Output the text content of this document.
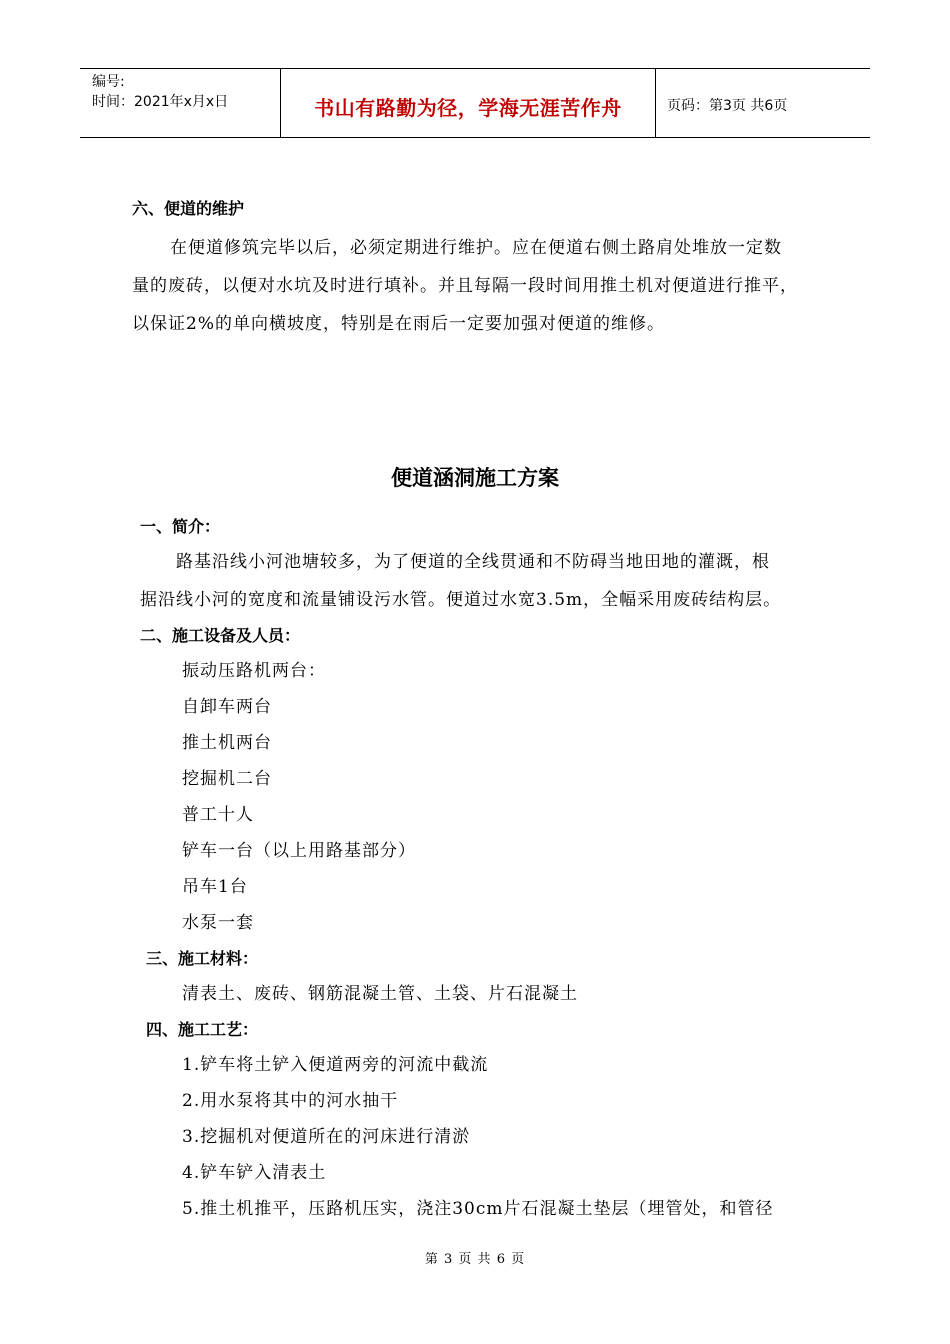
编号:
时间：2021年x月x日	书山有路勤为径，学海无涯苦作舟	页码：第3页 共6页
六、便道的维护
在便道修筑完毕以后，必须定期进行维护。应在便道右侧土路肩处堆放一定数
量的废砖，以便对水坑及时进行填补。并且每隔一段时间用推土机对便道进行推平，
以保证2%的单向横坡度，特别是在雨后一定要加强对便道的维修。
便道涵洞施工方案
一、简介：
路基沿线小河池塘较多，为了便道的全线贯通和不防碍当地田地的灌溉，根
据沿线小河的宽度和流量铺设污水管。便道过水宽3.5m，全幅采用废砖结构层。
二、施工设备及人员：
振动压路机两台：
自卸车两台
推土机两台
挖掘机二台
普工十人
铲车一台（以上用路基部分）
吊车1台
水泵一套
三、施工材料：
清表土、废砖、钢筋混凝土管、土袋、片石混凝土
四、施工工艺：
1.铲车将土铲入便道两旁的河流中截流
2.用水泵将其中的河水抽干
3.挖掘机对便道所在的河床进行清淤
4.铲车铲入清表土
5.推土机推平，压路机压实，浇注30cm片石混凝土垫层（埋管处，和管径
第 3 页 共 6 页
